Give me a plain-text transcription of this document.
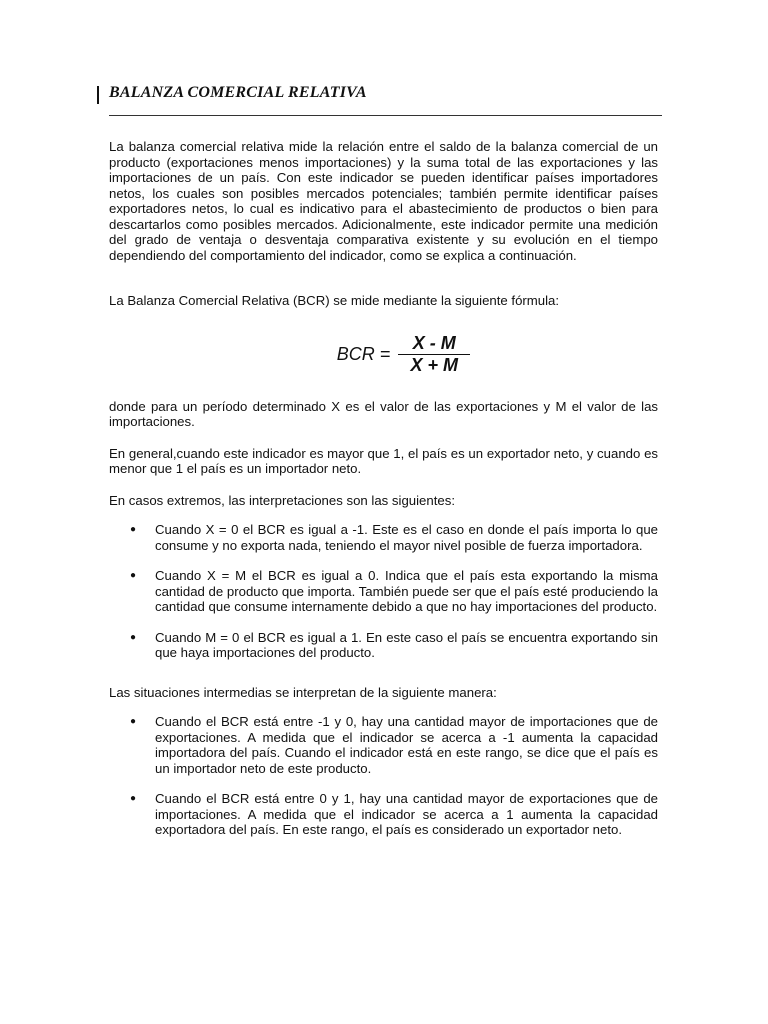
BALANZA COMERCIAL RELATIVA

La balanza comercial relativa mide la relación entre el saldo de la balanza comercial de un producto (exportaciones menos importaciones) y la suma total de las exportaciones y las importaciones de un país. Con este indicador se pueden identificar países importadores netos, los cuales son posibles mercados potenciales; también permite identificar países exportadores netos, lo cual es indicativo para el abastecimiento de productos o bien para descartarlos como posibles mercados. Adicionalmente, este indicador permite una medición del grado de ventaja o desventaja comparativa existente y su evolución en el tiempo dependiendo del comportamiento del indicador, como se explica a continuación.

La Balanza Comercial Relativa (BCR) se mide mediante la siguiente fórmula:

BCR = $\frac{X - M}{X + M}$

donde para un período determinado X es el valor de las exportaciones y M el valor de las importaciones.

En general,cuando este indicador es mayor que 1, el país es un exportador neto, y cuando es menor que 1 el país es un importador neto.

En casos extremos, las interpretaciones son las siguientes:

● Cuando X = 0 el BCR es igual a -1. Este es el caso en donde el país importa lo que consume y no exporta nada, teniendo el mayor nivel posible de fuerza importadora.
● Cuando X = M el BCR es igual a 0. Indica que el país esta exportando la misma cantidad de producto que importa. También puede ser que el país esté produciendo la cantidad que consume internamente debido a que no hay importaciones del producto.
● Cuando M = 0 el BCR es igual a 1. En este caso el país se encuentra exportando sin que haya importaciones del producto.

Las situaciones intermedias se interpretan de la siguiente manera:

● Cuando el BCR está entre -1 y 0, hay una cantidad mayor de importaciones que de exportaciones. A medida que el indicador se acerca a -1 aumenta la capacidad importadora del país. Cuando el indicador está en este rango, se dice que el país es un importador neto de este producto.
● Cuando el BCR está entre 0 y 1, hay una cantidad mayor de exportaciones que de importaciones. A medida que el indicador se acerca a 1 aumenta la capacidad exportadora del país. En este rango, el país es considerado un exportador neto.
